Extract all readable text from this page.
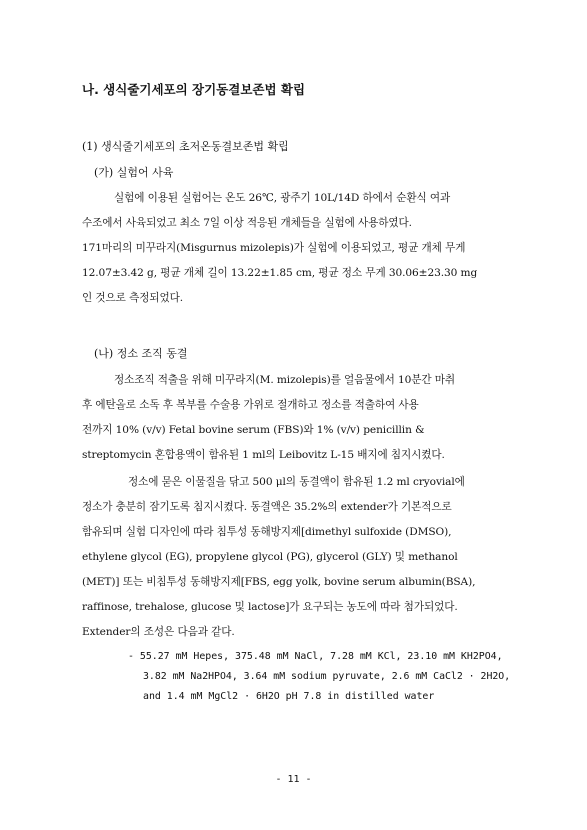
나. 생식줄기세포의 장기동결보존법 확립
(1) 생식줄기세포의 초저온동결보존법 확립
(가) 실험어 사육
실험에 이용된 실험어는 온도 26℃, 광주기 10L/14D 하에서 순환식 여과
수조에서 사육되었고 최소 7일 이상 적응된 개체들을 실험에 사용하였다.
171마리의 미꾸라지(Misgurnus mizolepis)가 실험에 이용되었고, 평균 개체 무게
12.07±3.42 g, 평균 개체 길이 13.22±1.85 cm, 평균 정소 무게 30.06±23.30 mg
인 것으로 측정되었다.
(나) 정소 조직 동결
정소조직 적출을 위해 미꾸라지(M. mizolepis)를 얼음물에서 10분간 마취
후 에탄올로 소독 후 복부를 수술용 가위로 절개하고 정소를 적출하여 사용
전까지 10% (v/v) Fetal bovine serum (FBS)와 1% (v/v) penicillin &
streptomycin 혼합용액이 함유된 1 ml의 Leibovitz L-15 배지에 침지시켰다.
정소에 묻은 이물질을 닦고 500 μl의 동결액이 함유된 1.2 ml cryovial에
정소가 충분히 잠기도록 침지시켰다. 동결액은 35.2%의 extender가 기본적으로
함유되며 실험 디자인에 따라 침투성 동해방지제[dimethyl sulfoxide (DMSO),
ethylene glycol (EG), propylene glycol (PG), glycerol (GLY) 및 methanol
(MET)] 또는 비침투성 동해방지제[FBS, egg yolk, bovine serum albumin(BSA),
raffinose, trehalose, glucose 및 lactose]가 요구되는 농도에 따라 첨가되었다.
Extender의 조성은 다음과 같다.
- 55.27 mM Hepes, 375.48 mM NaCl, 7.28 mM KCl, 23.10 mM KH2PO4,
3.82 mM Na2HPO4, 3.64 mM sodium pyruvate, 2.6 mM CaCl2 · 2H2O,
and 1.4 mM MgCl2 · 6H2O pH 7.8 in distilled water
- 11 -
